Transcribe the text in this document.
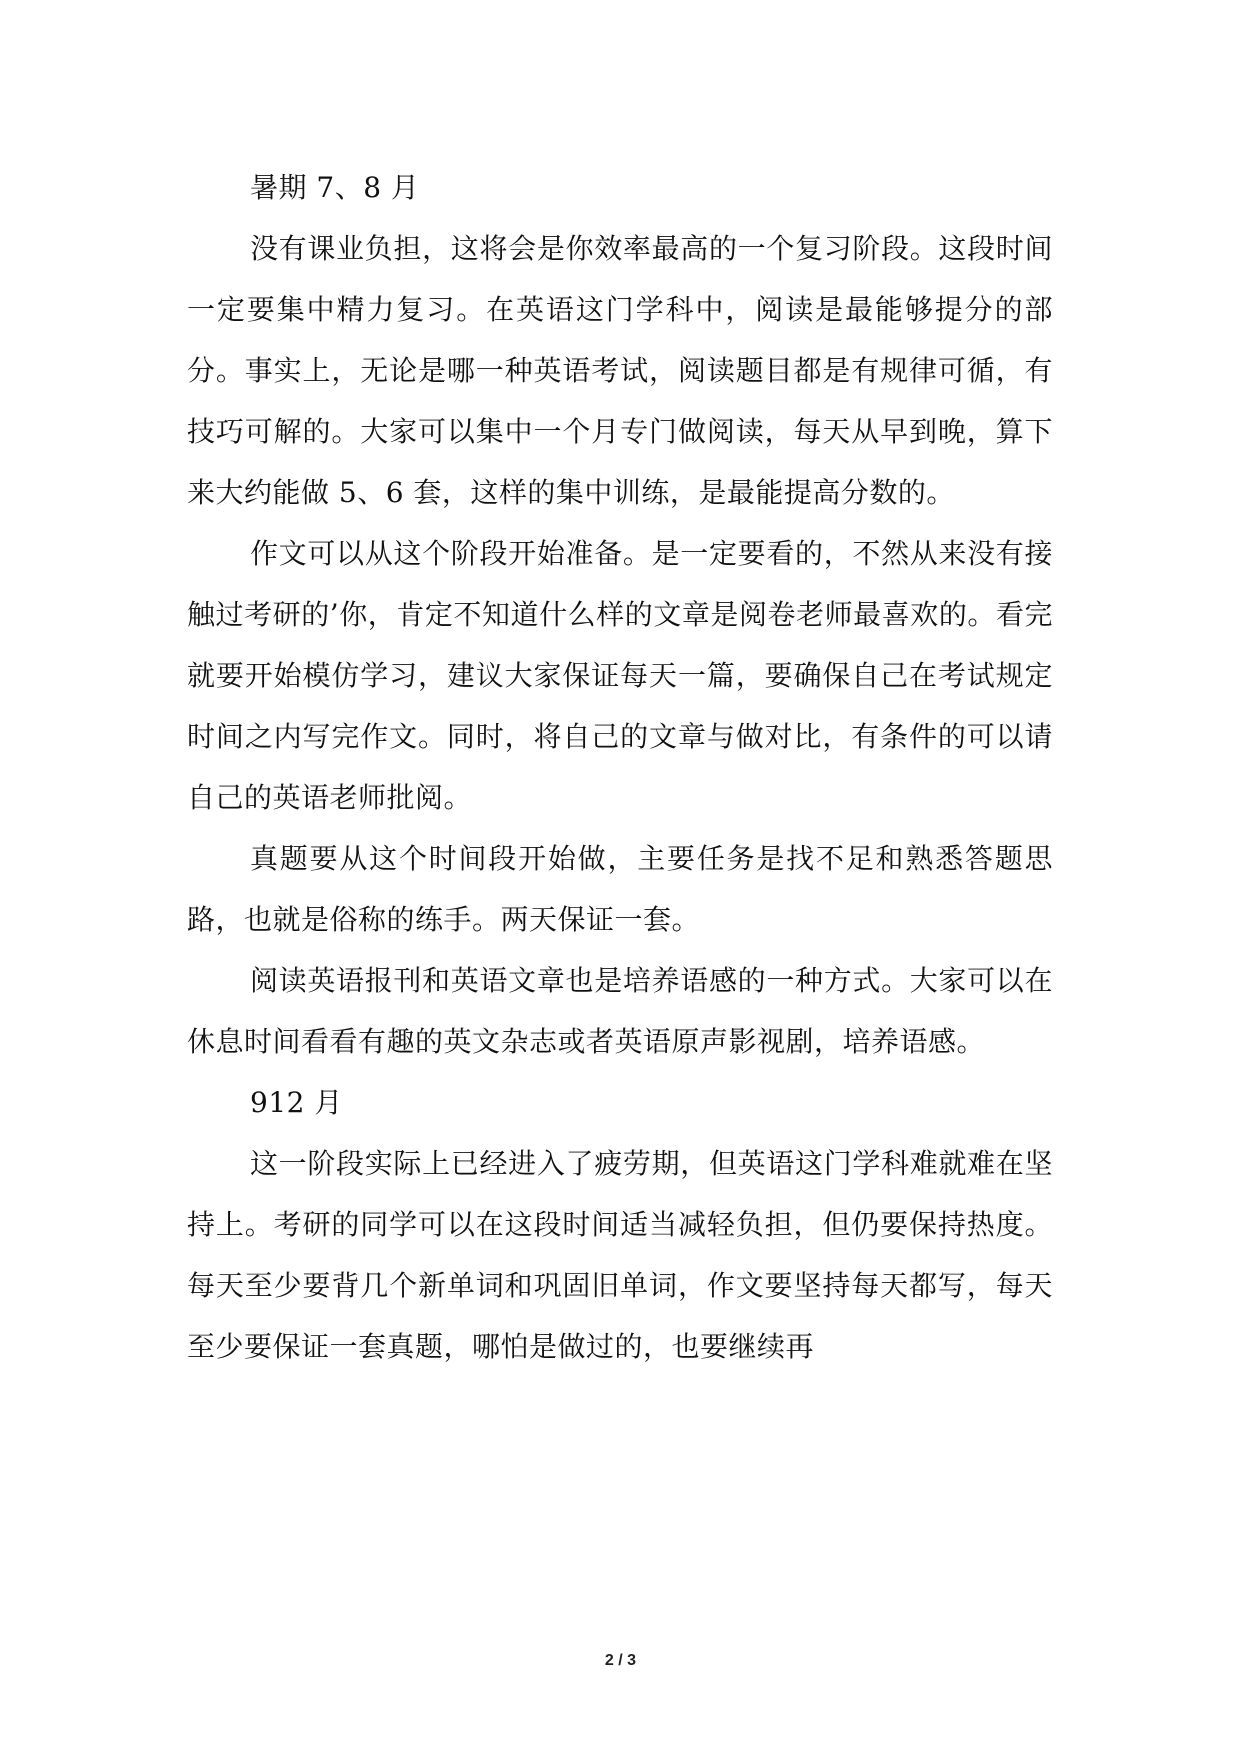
暑期 7、8 月

没有课业负担，这将会是你效率最高的一个复习阶段。这段时间一定要集中精力复习。在英语这门学科中，阅读是最能够提分的部分。事实上，无论是哪一种英语考试，阅读题目都是有规律可循，有技巧可解的。大家可以集中一个月专门做阅读，每天从早到晚，算下来大约能做 5、6 套，这样的集中训练，是最能提高分数的。

作文可以从这个阶段开始准备。是一定要看的，不然从来没有接触过考研的’你，肯定不知道什么样的文章是阅卷老师最喜欢的。看完就要开始模仿学习，建议大家保证每天一篇，要确保自己在考试规定时间之内写完作文。同时，将自己的文章与做对比，有条件的可以请自己的英语老师批阅。

真题要从这个时间段开始做，主要任务是找不足和熟悉答题思路，也就是俗称的练手。两天保证一套。

阅读英语报刊和英语文章也是培养语感的一种方式。大家可以在休息时间看看有趣的英文杂志或者英语原声影视剧，培养语感。

912 月

这一阶段实际上已经进入了疲劳期，但英语这门学科难就难在坚持上。考研的同学可以在这段时间适当减轻负担，但仍要保持热度。每天至少要背几个新单词和巩固旧单词，作文要坚持每天都写，每天至少要保证一套真题，哪怕是做过的，也要继续再

2 / 3
